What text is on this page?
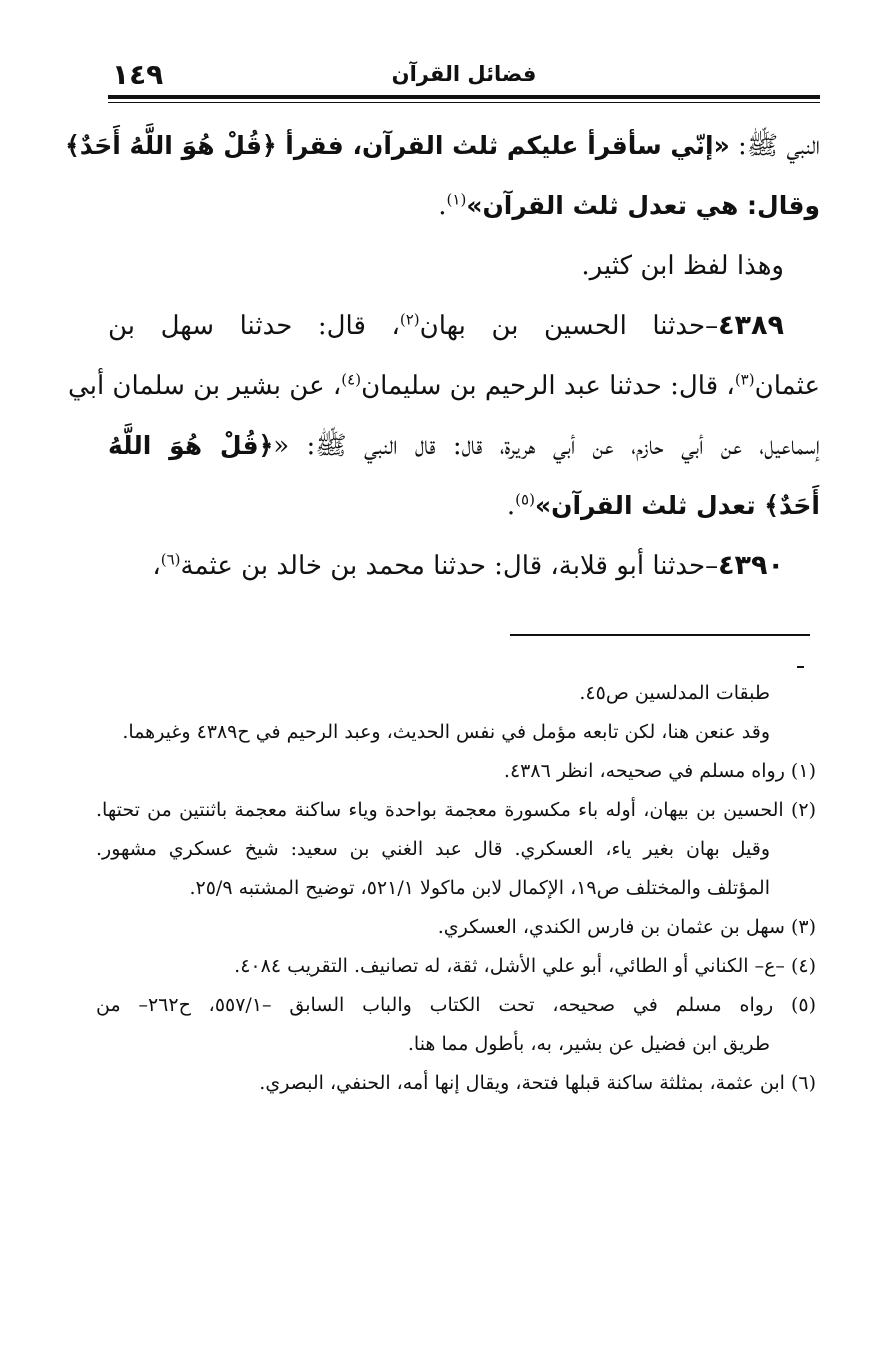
فضائل القرآن
١٤٩
النبي ﷺ: «إنّي سأقرأ عليكم ثلث القرآن، فقرأ ﴿قُلْ هُوَ اللَّهُ أَحَدٌ﴾
وقال: هي تعدل ثلث القرآن»$^{(١)}$.
وهذا لفظ ابن كثير.
٤٣٨٩–حدثنا الحسين بن بهان$^{(٢)}$، قال: حدثنا سهل بن
عثمان$^{(٣)}$، قال: حدثنا عبد الرحيم بن سليمان$^{(٤)}$، عن بشير بن سلمان أبي
إسماعيل، عن أبي حازم، عن أبي هريرة، قال: قال النبي ﷺ: «﴿قُلْ هُوَ اللَّهُ
أَحَدٌ﴾ تعدل ثلث القرآن»$^{(٥)}$.
٤٣٩٠–حدثنا أبو قلابة، قال: حدثنا محمد بن خالد بن عثمة$^{(٦)}$،
طبقات المدلسين ص٤٥.
وقد عنعن هنا، لكن تابعه مؤمل في نفس الحديث، وعبد الرحيم في ح٤٣٨٩ وغيرهما.
(١) رواه مسلم في صحيحه، انظر ٤٣٨٦.
(٢) الحسين بن بيهان، أوله باء مكسورة معجمة بواحدة وياء ساكنة معجمة باثنتين من تحتها.
وقيل بهان بغير ياء، العسكري. قال عبد الغني بن سعيد: شيخ عسكري مشهور.
المؤتلف والمختلف ص١٩، الإكمال لابن ماكولا ٥٢١/١، توضيح المشتبه ٢٥/٩.
(٣) سهل بن عثمان بن فارس الكندي، العسكري.
(٤) –ع– الكناني أو الطائي، أبو علي الأشل، ثقة، له تصانيف. التقريب ٤٠٨٤.
(٥) رواه مسلم في صحيحه، تحت الكتاب والباب السابق –٥٥٧/١، ح٢٦٢– من
طريق ابن فضيل عن بشير، به، بأطول مما هنا.
(٦) ابن عثمة، بمثلثة ساكنة قبلها فتحة، ويقال إنها أمه، الحنفي، البصري.
